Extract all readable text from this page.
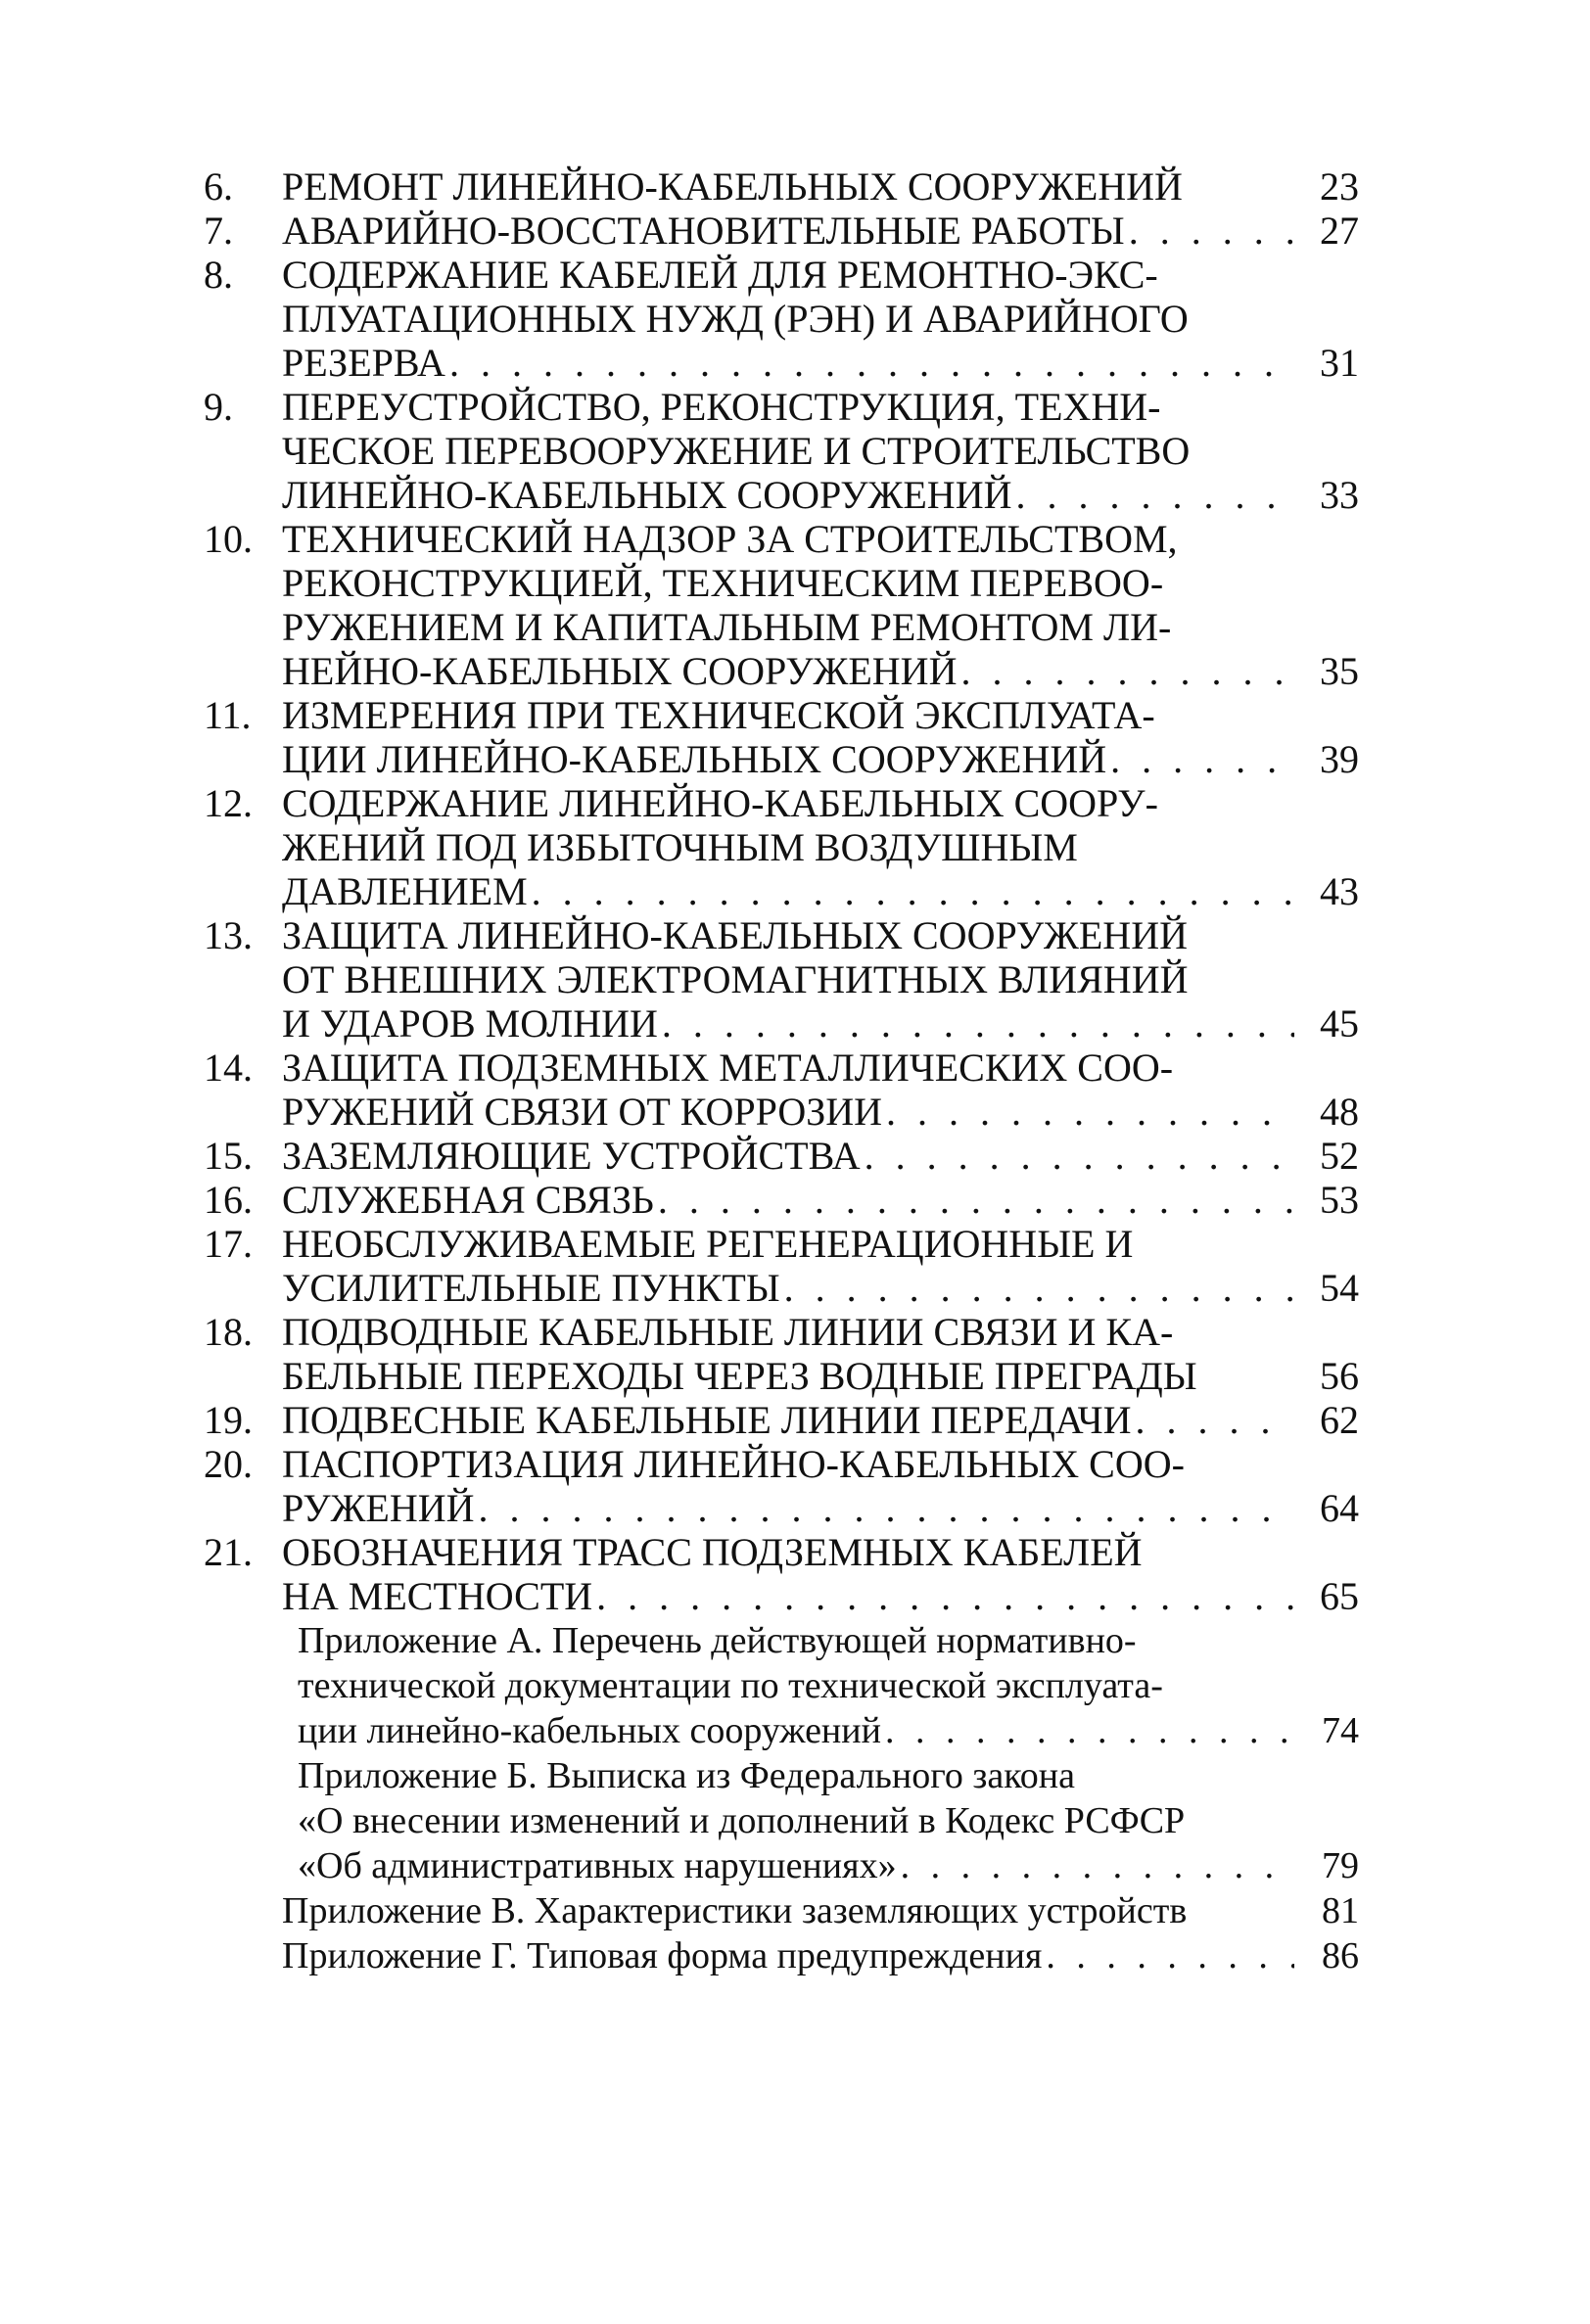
6.	РЕМОНТ ЛИНЕЙНО-КАБЕЛЬНЫХ СООРУЖЕНИЙ	23
7.	АВАРИЙНО-ВОССТАНОВИТЕЛЬНЫЕ РАБОТЫ . . .	27
8.	СОДЕРЖАНИЕ КАБЕЛЕЙ ДЛЯ РЕМОНТНО-ЭКС-
ПЛУАТАЦИОННЫХ НУЖД (РЭН) И АВАРИЙНОГО
РЕЗЕРВА . . .	31
9.	ПЕРЕУСТРОЙСТВО, РЕКОНСТРУКЦИЯ, ТЕХНИ-
ЧЕСКОЕ ПЕРЕВООРУЖЕНИЕ И СТРОИТЕЛЬСТВО
ЛИНЕЙНО-КАБЕЛЬНЫХ СООРУЖЕНИЙ . . .	33
10. ТЕХНИЧЕСКИЙ НАДЗОР ЗА СТРОИТЕЛЬСТВОМ,
РЕКОНСТРУКЦИЕЙ, ТЕХНИЧЕСКИМ ПЕРЕВОО-
РУЖЕНИЕМ И КАПИТАЛЬНЫМ РЕМОНТОМ ЛИ-
НЕЙНО-КАБЕЛЬНЫХ СООРУЖЕНИЙ . . .	35
11. ИЗМЕРЕНИЯ ПРИ ТЕХНИЧЕСКОЙ ЭКСПЛУАТА-
ЦИИ ЛИНЕЙНО-КАБЕЛЬНЫХ СООРУЖЕНИЙ . . .	39
12. СОДЕРЖАНИЕ ЛИНЕЙНО-КАБЕЛЬНЫХ СООРУ-
ЖЕНИЙ ПОД ИЗБЫТОЧНЫМ ВОЗДУШНЫМ
ДАВЛЕНИЕМ . . .	43
13. ЗАЩИТА ЛИНЕЙНО-КАБЕЛЬНЫХ СООРУЖЕНИЙ
ОТ ВНЕШНИХ ЭЛЕКТРОМАГНИТНЫХ ВЛИЯНИЙ
И УДАРОВ МОЛНИИ . . .	45
14. ЗАЩИТА ПОДЗЕМНЫХ МЕТАЛЛИЧЕСКИХ СОО-
РУЖЕНИЙ СВЯЗИ ОТ КОРРОЗИИ . . .	48
15. ЗАЗЕМЛЯЮЩИЕ УСТРОЙСТВА . . .	52
16. СЛУЖЕБНАЯ СВЯЗЬ . . .	53
17. НЕОБСЛУЖИВАЕМЫЕ РЕГЕНЕРАЦИОННЫЕ И
УСИЛИТЕЛЬНЫЕ ПУНКТЫ . . .	54
18. ПОДВОДНЫЕ КАБЕЛЬНЫЕ ЛИНИИ СВЯЗИ И КА-
БЕЛЬНЫЕ ПЕРЕХОДЫ ЧЕРЕЗ ВОДНЫЕ ПРЕГРАДЫ	56
19. ПОДВЕСНЫЕ КАБЕЛЬНЫЕ ЛИНИИ ПЕРЕДАЧИ . . .	62
20. ПАСПОРТИЗАЦИЯ ЛИНЕЙНО-КАБЕЛЬНЫХ СОО-
РУЖЕНИЙ . . .	64
21. ОБОЗНАЧЕНИЯ ТРАСС ПОДЗЕМНЫХ КАБЕЛЕЙ
НА МЕСТНОСТИ . . .	65
Приложение А. Перечень действующей нормативно-
технической документации по технической эксплуата-
ции линейно-кабельных сооружений . . .	74
Приложение Б. Выписка из Федерального закона
«О внесении изменений и дополнений в Кодекс РСФСР
«Об административных нарушениях» . . .	79
Приложение В. Характеристики заземляющих устройств	81
Приложение Г. Типовая форма предупреждения . . .	86
